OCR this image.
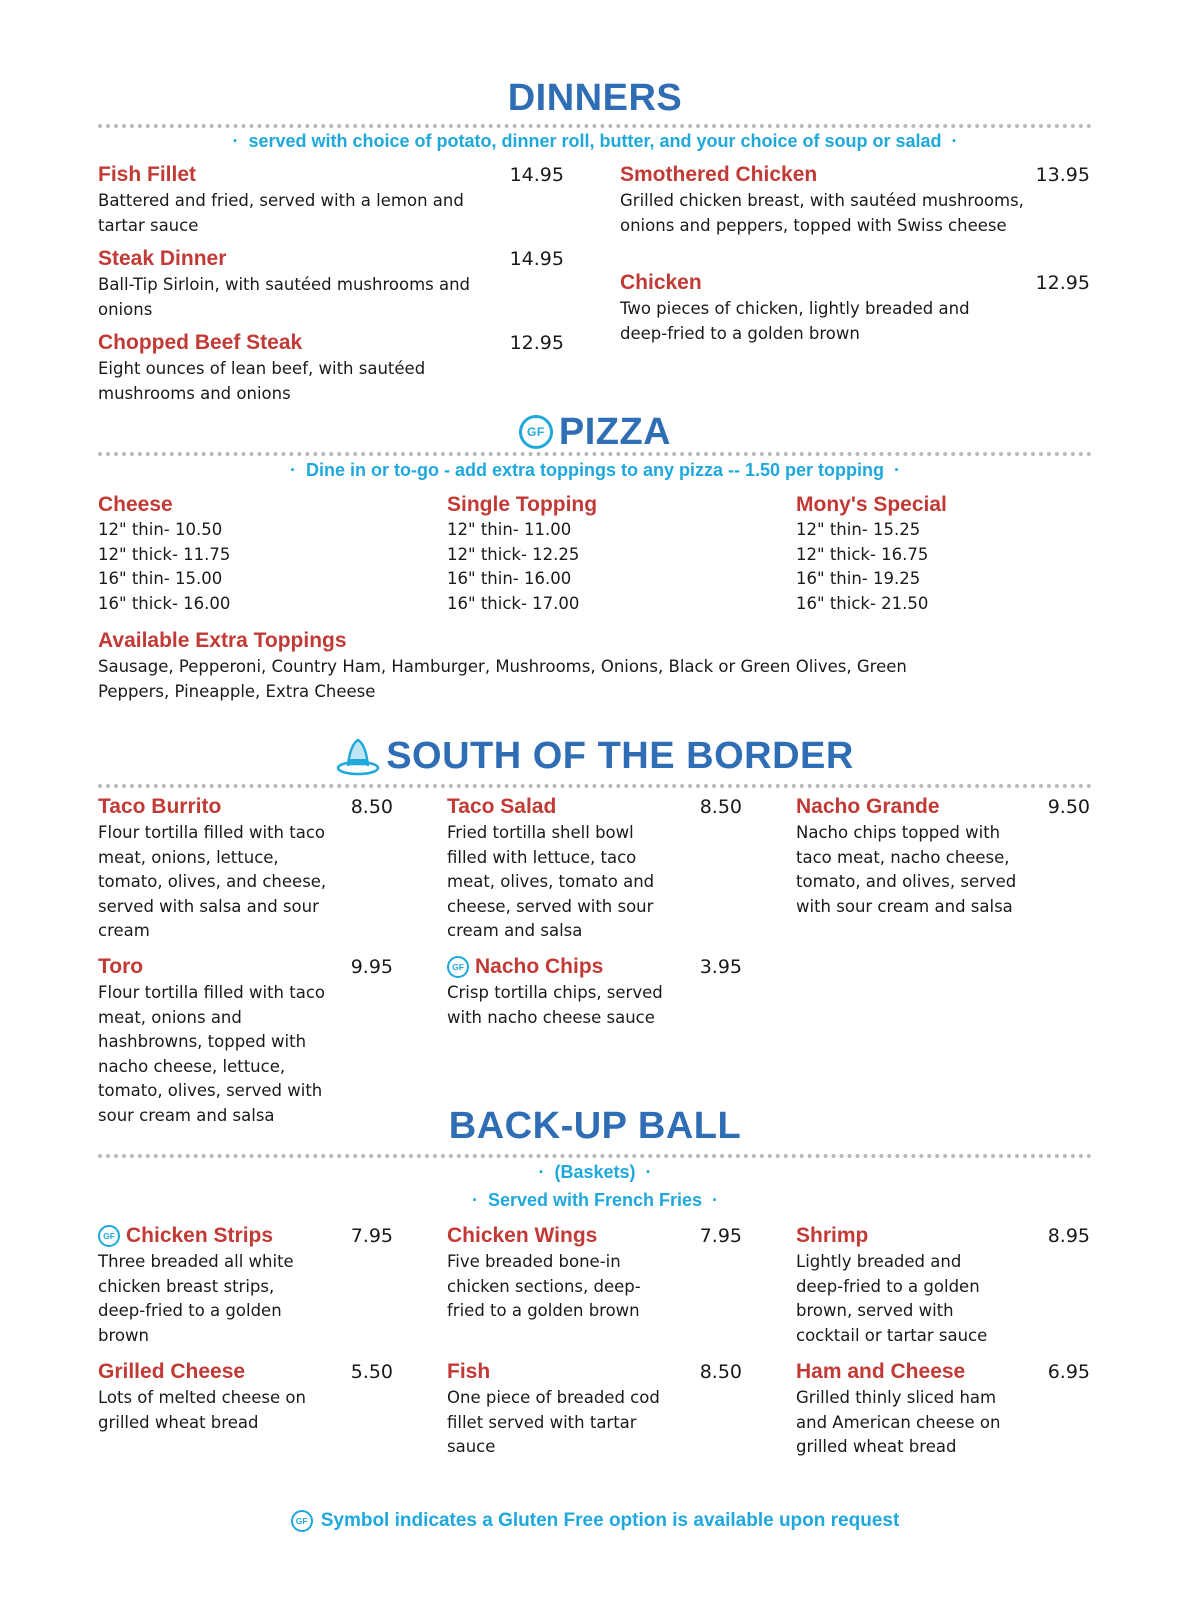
DINNERS
· served with choice of potato, dinner roll, butter, and your choice of soup or salad ·
Fish Fillet	14.95
Battered and fried, served with a lemon and tartar sauce
Steak Dinner	14.95
Ball-Tip Sirloin, with sautéed mushrooms and onions
Chopped Beef Steak	12.95
Eight ounces of lean beef, with sautéed mushrooms and onions
Smothered Chicken	13.95
Grilled chicken breast, with sautéed mushrooms, onions and peppers, topped with Swiss cheese
Chicken	12.95
Two pieces of chicken, lightly breaded and deep-fried to a golden brown
GF PIZZA
· Dine in or to-go - add extra toppings to any pizza -- 1.50 per topping ·
Cheese
12" thin- 10.50
12" thick- 11.75
16" thin- 15.00
16" thick- 16.00
Single Topping
12" thin- 11.00
12" thick- 12.25
16" thin- 16.00
16" thick- 17.00
Mony's Special
12" thin- 15.25
12" thick- 16.75
16" thin- 19.25
16" thick- 21.50
Available Extra Toppings
Sausage, Pepperoni, Country Ham, Hamburger, Mushrooms, Onions, Black or Green Olives, Green Peppers, Pineapple, Extra Cheese
SOUTH OF THE BORDER
Taco Burrito	8.50
Flour tortilla filled with taco meat, onions, lettuce, tomato, olives, and cheese, served with salsa and sour cream
Taco Salad	8.50
Fried tortilla shell bowl filled with lettuce, taco meat, olives, tomato and cheese, served with sour cream and salsa
Nacho Grande	9.50
Nacho chips topped with taco meat, nacho cheese, tomato, and olives, served with sour cream and salsa
Toro	9.95
Flour tortilla filled with taco meat, onions and hashbrowns, topped with nacho cheese, lettuce, tomato, olives, served with sour cream and salsa
GF Nacho Chips	3.95
Crisp tortilla chips, served with nacho cheese sauce
BACK-UP BALL
· (Baskets) ·
· Served with French Fries ·
GF Chicken Strips	7.95
Three breaded all white chicken breast strips, deep-fried to a golden brown
Chicken Wings	7.95
Five breaded bone-in chicken sections, deep-fried to a golden brown
Shrimp	8.95
Lightly breaded and deep-fried to a golden brown, served with cocktail or tartar sauce
Grilled Cheese	5.50
Lots of melted cheese on grilled wheat bread
Fish	8.50
One piece of breaded cod fillet served with tartar sauce
Ham and Cheese	6.95
Grilled thinly sliced ham and American cheese on grilled wheat bread
GF Symbol indicates a Gluten Free option is available upon request
